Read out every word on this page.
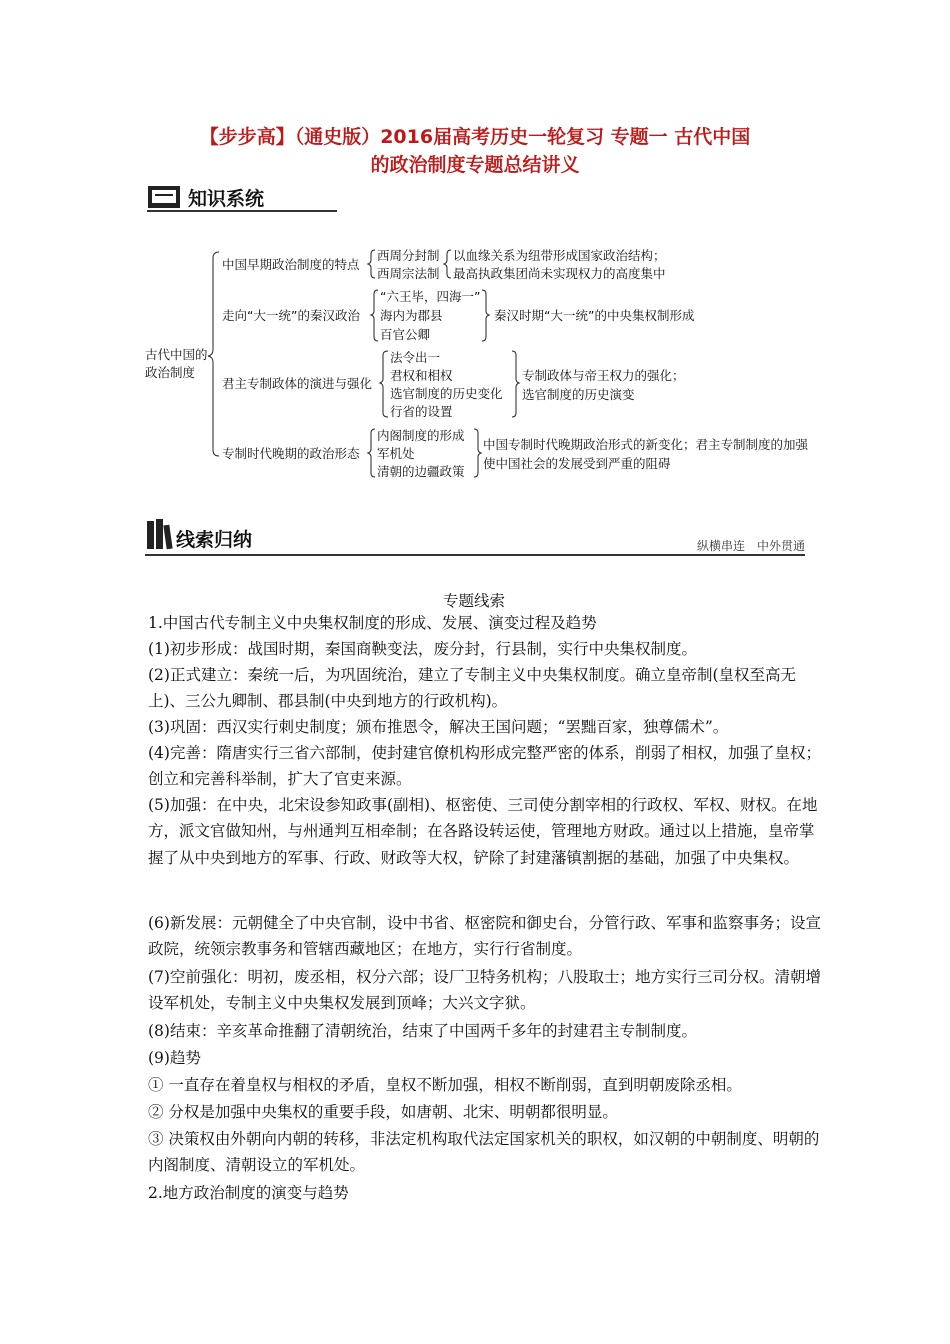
【步步高】（通史版）2016届高考历史一轮复习 专题一 古代中国
的政治制度专题总结讲义
知识系统
古代中国的
政治制度
中国早期政治制度的特点
西周分封制
西周宗法制
以血缘关系为纽带形成国家政治结构；
最高执政集团尚未实现权力的高度集中
走向“大一统”的秦汉政治
“六王毕，四海一”
海内为郡县
百官公卿
秦汉时期“大一统”的中央集权制形成
君主专制政体的演进与强化
法令出一
君权和相权
选官制度的历史变化
行省的设置
专制政体与帝王权力的强化；
选官制度的历史演变
专制时代晚期的政治形态
内阁制度的形成
军机处
清朝的边疆政策
中国专制时代晚期政治形式的新变化；君主专制制度的加强
使中国社会的发展受到严重的阻碍
线索归纳	纵横串连　中外贯通
专题线索
1.中国古代专制主义中央集权制度的形成、发展、演变过程及趋势
(1)初步形成：战国时期，秦国商鞅变法，废分封，行县制，实行中央集权制度。
(2)正式建立：秦统一后，为巩固统治，建立了专制主义中央集权制度。确立皇帝制(皇权至高无上)、三公九卿制、郡县制(中央到地方的行政机构)。
(3)巩固：西汉实行刺史制度；颁布推恩令，解决王国问题；“罢黜百家，独尊儒术”。
(4)完善：隋唐实行三省六部制，使封建官僚机构形成完整严密的体系，削弱了相权，加强了皇权；创立和完善科举制，扩大了官吏来源。
(5)加强：在中央，北宋设参知政事(副相)、枢密使、三司使分割宰相的行政权、军权、财权。在地方，派文官做知州，与州通判互相牵制；在各路设转运使，管理地方财政。通过以上措施，皇帝掌握了从中央到地方的军事、行政、财政等大权，铲除了封建藩镇割据的基础，加强了中央集权。
(6)新发展：元朝健全了中央官制，设中书省、枢密院和御史台，分管行政、军事和监察事务；设宣政院，统领宗教事务和管辖西藏地区；在地方，实行行省制度。
(7)空前强化：明初，废丞相，权分六部；设厂卫特务机构；八股取士；地方实行三司分权。清朝增设军机处，专制主义中央集权发展到顶峰；大兴文字狱。
(8)结束：辛亥革命推翻了清朝统治，结束了中国两千多年的封建君主专制制度。
(9)趋势
① 一直存在着皇权与相权的矛盾，皇权不断加强，相权不断削弱，直到明朝废除丞相。
② 分权是加强中央集权的重要手段，如唐朝、北宋、明朝都很明显。
③ 决策权由外朝向内朝的转移，非法定机构取代法定国家机关的职权，如汉朝的中朝制度、明朝的内阁制度、清朝设立的军机处。
2.地方政治制度的演变与趋势
